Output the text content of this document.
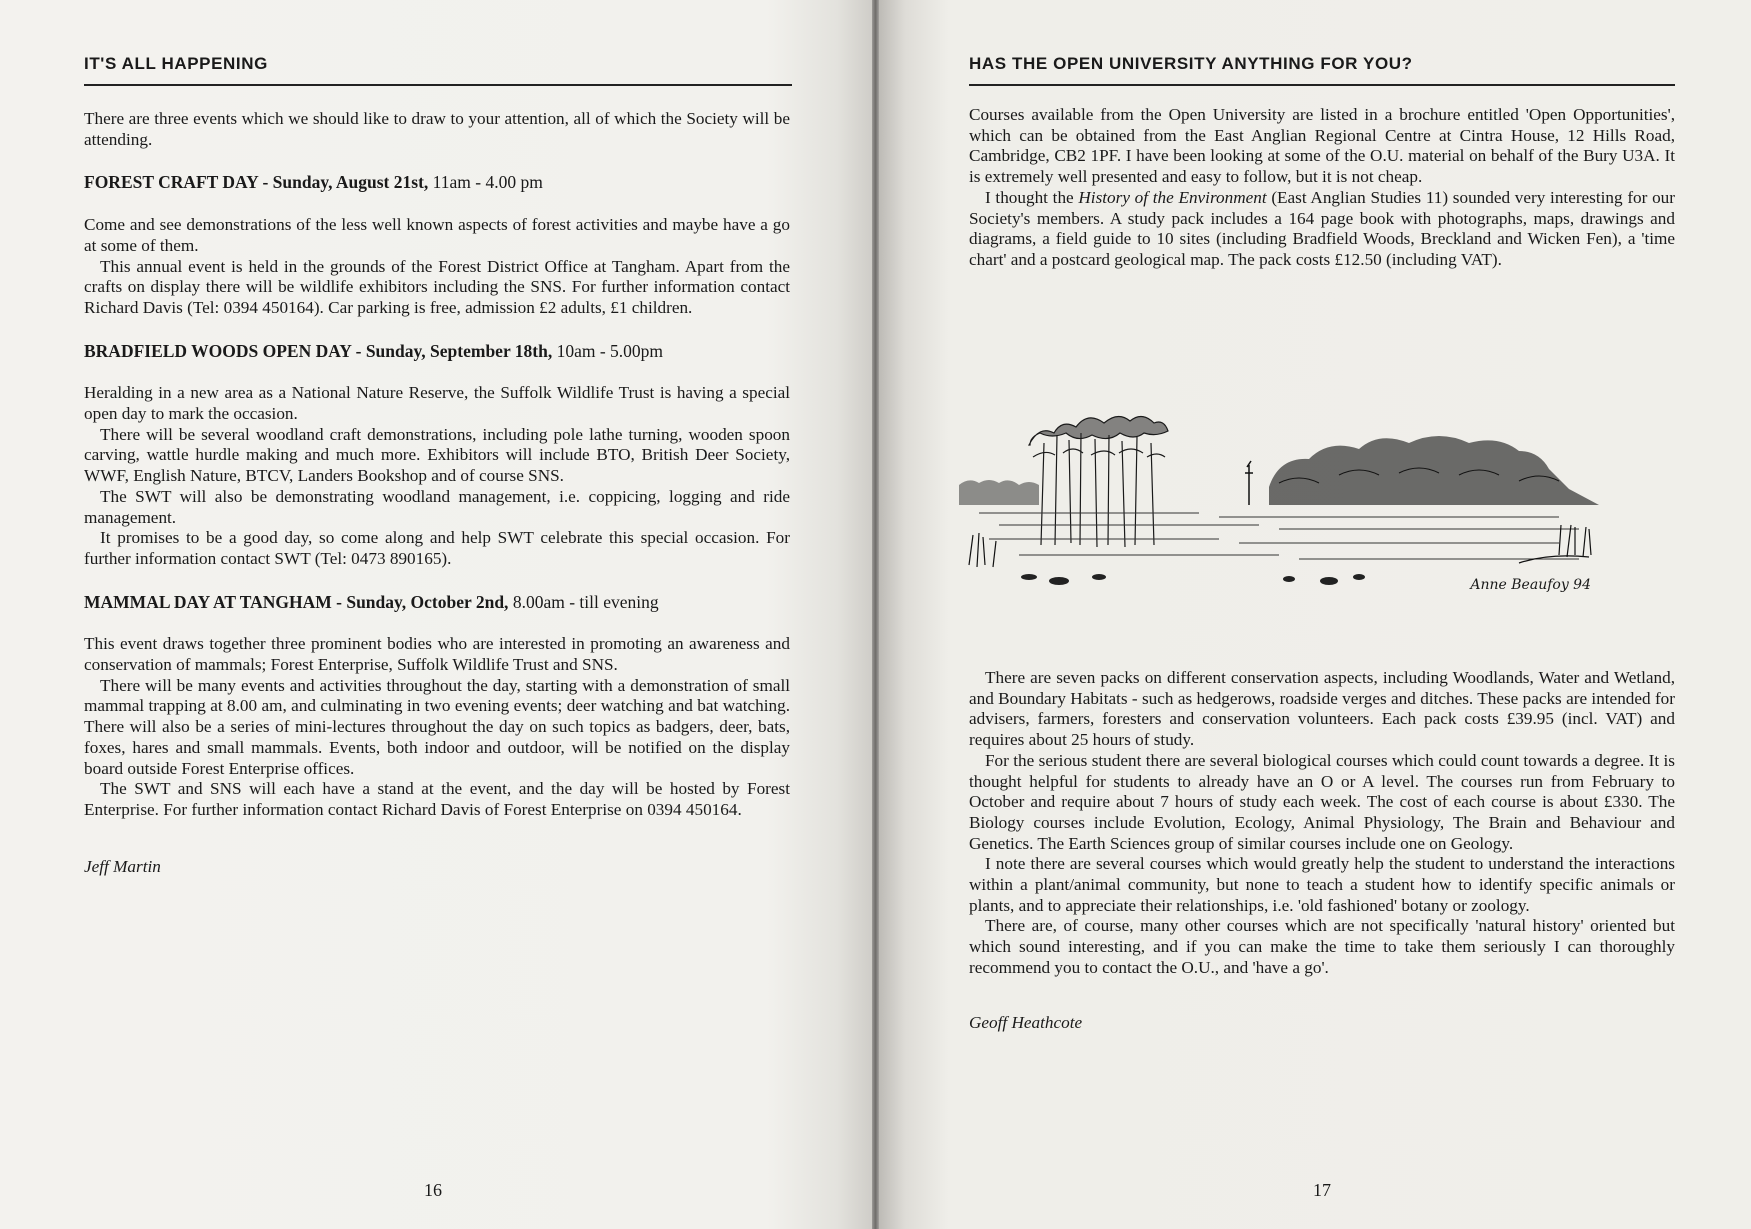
IT'S ALL HAPPENING

There are three events which we should like to draw to your attention, all of which the Society will be attending.

FOREST CRAFT DAY - Sunday, August 21st, 11am - 4.00 pm

Come and see demonstrations of the less well known aspects of forest activities and maybe have a go at some of them.

This annual event is held in the grounds of the Forest District Office at Tangham. Apart from the crafts on display there will be wildlife exhibitors including the SNS. For further information contact Richard Davis (Tel: 0394 450164). Car parking is free, admission £2 adults, £1 children.

BRADFIELD WOODS OPEN DAY - Sunday, September 18th, 10am - 5.00pm

Heralding in a new area as a National Nature Reserve, the Suffolk Wildlife Trust is having a special open day to mark the occasion.

There will be several woodland craft demonstrations, including pole lathe turning, wooden spoon carving, wattle hurdle making and much more. Exhibitors will include BTO, British Deer Society, WWF, English Nature, BTCV, Landers Bookshop and of course SNS.

The SWT will also be demonstrating woodland management, i.e. coppicing, logging and ride management.

It promises to be a good day, so come along and help SWT celebrate this special occasion. For further information contact SWT (Tel: 0473 890165).

MAMMAL DAY AT TANGHAM - Sunday, October 2nd, 8.00am - till evening

This event draws together three prominent bodies who are interested in promoting an awareness and conservation of mammals; Forest Enterprise, Suffolk Wildlife Trust and SNS.

There will be many events and activities throughout the day, starting with a demonstration of small mammal trapping at 8.00 am, and culminating in two evening events; deer watching and bat watching. There will also be a series of mini-lectures throughout the day on such topics as badgers, deer, bats, foxes, hares and small mammals. Events, both indoor and outdoor, will be notified on the display board outside Forest Enterprise offices.

The SWT and SNS will each have a stand at the event, and the day will be hosted by Forest Enterprise. For further information contact Richard Davis of Forest Enterprise on 0394 450164.

Jeff Martin

16
HAS THE OPEN UNIVERSITY ANYTHING FOR YOU?

Courses available from the Open University are listed in a brochure entitled 'Open Opportunities', which can be obtained from the East Anglian Regional Centre at Cintra House, 12 Hills Road, Cambridge, CB2 1PF. I have been looking at some of the O.U. material on behalf of the Bury U3A. It is extremely well presented and easy to follow, but it is not cheap.

I thought the History of the Environment (East Anglian Studies 11) sounded very interesting for our Society's members. A study pack includes a 164 page book with photographs, maps, drawings and diagrams, a field guide to 10 sites (including Bradfield Woods, Breckland and Wicken Fen), a 'time chart' and a postcard geological map. The pack costs £12.50 (including VAT).

Anne Beaufoy 94

There are seven packs on different conservation aspects, including Woodlands, Water and Wetland, and Boundary Habitats - such as hedgerows, roadside verges and ditches. These packs are intended for advisers, farmers, foresters and conservation volunteers. Each pack costs £39.95 (incl. VAT) and requires about 25 hours of study.

For the serious student there are several biological courses which could count towards a degree. It is thought helpful for students to already have an O or A level. The courses run from February to October and require about 7 hours of study each week. The cost of each course is about £330. The Biology courses include Evolution, Ecology, Animal Physiology, The Brain and Behaviour and Genetics. The Earth Sciences group of similar courses include one on Geology.

I note there are several courses which would greatly help the student to understand the interactions within a plant/animal community, but none to teach a student how to identify specific animals or plants, and to appreciate their relationships, i.e. 'old fashioned' botany or zoology.

There are, of course, many other courses which are not specifically 'natural history' oriented but which sound interesting, and if you can make the time to take them seriously I can thoroughly recommend you to contact the O.U., and 'have a go'.

Geoff Heathcote

17
